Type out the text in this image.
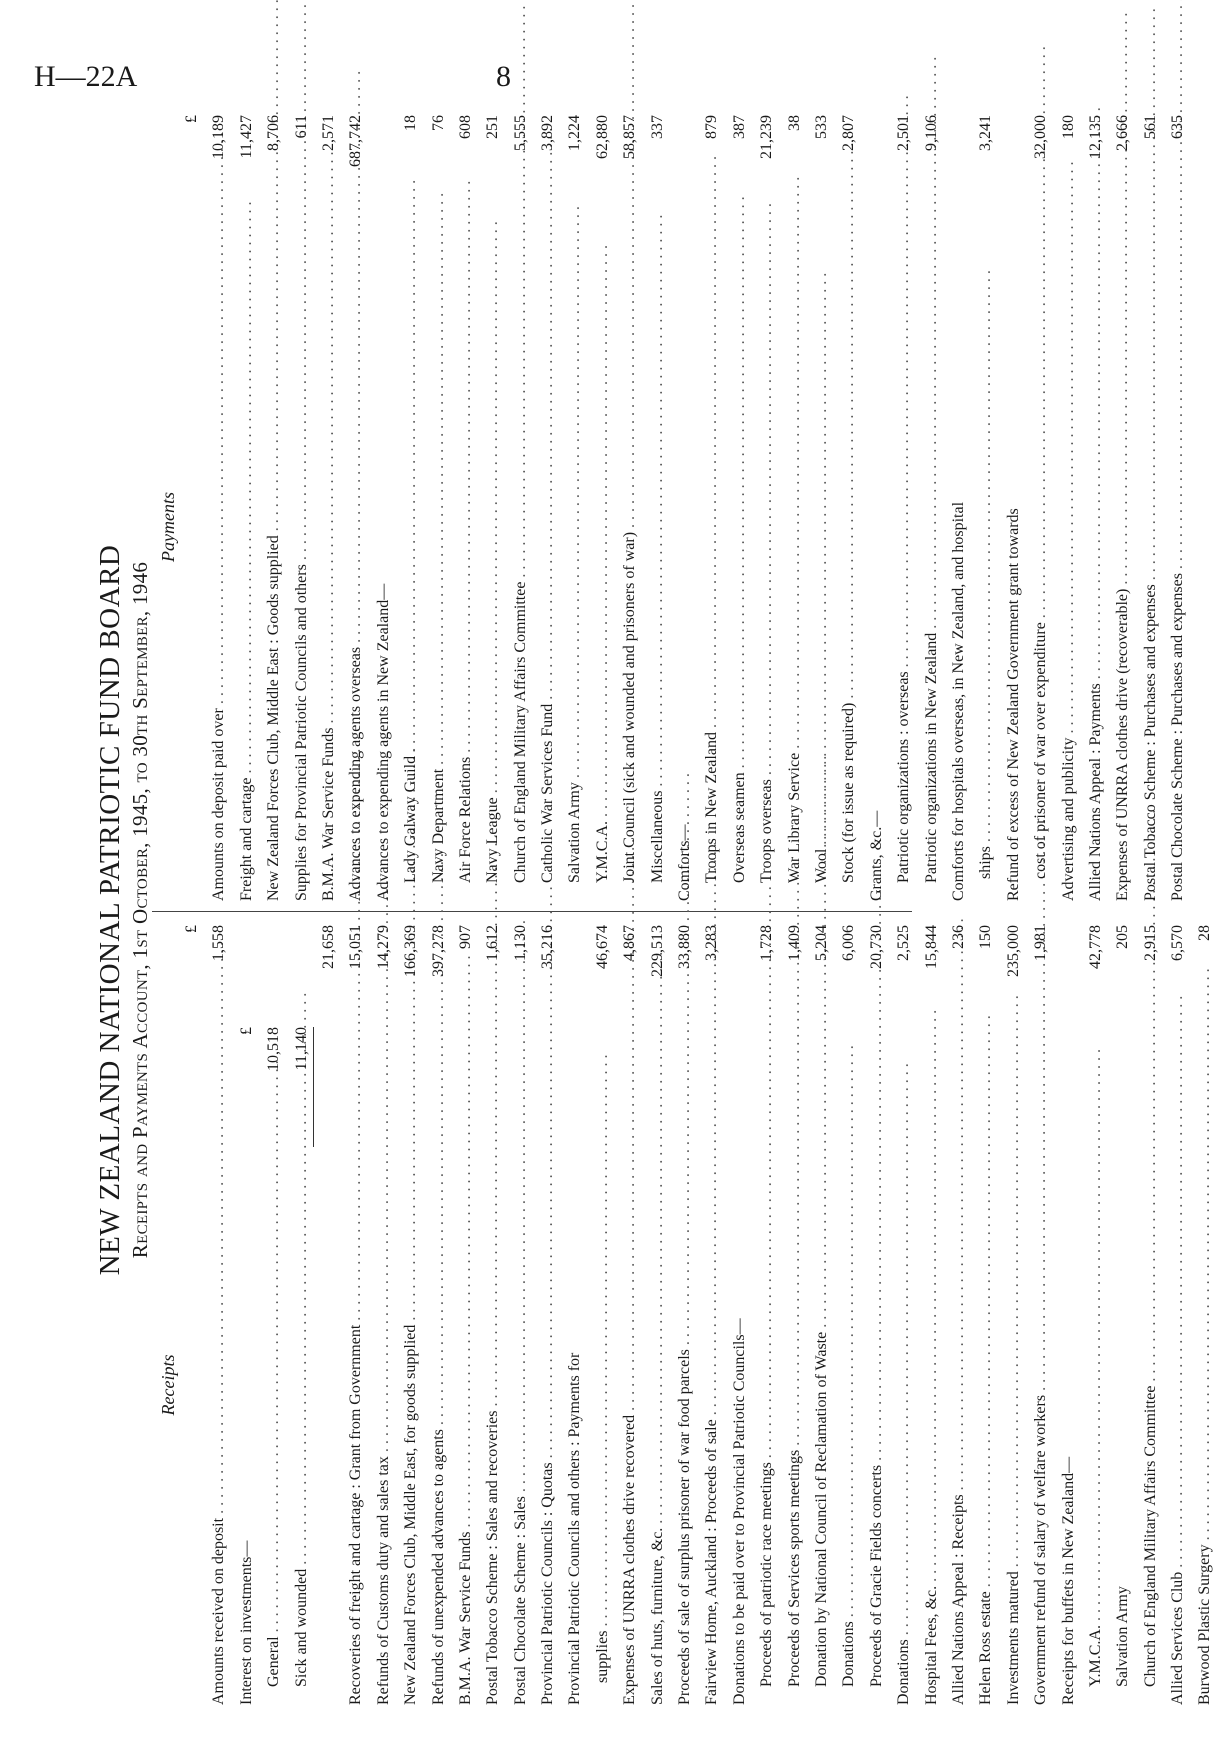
H—22A	8
NEW ZEALAND NATIONAL PATRIOTIC FUND BOARD Receipts and Payments Account, 1st October, 1945, to 30th September, 1946
Receipts
Payments
£
Amounts received on deposit . . .
1,558
Interest on investments—
£
General . . .
10,518
Sick and wounded . . .
11,140
21,658
Recoveries of freight and cartage : Grant from Government . . .
15,051
Refunds of Customs duty and sales tax . . .
14,279
New Zealand Forces Club, Middle East, for goods supplied . . .
166,369
Refunds of unexpended advances to agents . . .
397,278
B.M.A. War Service Funds . . .
907
Postal Tobacco Scheme : Sales and recoveries . . .
1,612
Postal Chocolate Scheme : Sales . . .
1,130
Provincial Patriotic Councils : Quotas . . .
35,216
Provincial Patriotic Councils and others : Payments for supplies . . .
46,674
Expenses of UNRRA clothes drive recovered . . .
4,867
Sales of huts, furniture, &c. . . .
229,513
Proceeds of sale of surplus prisoner of war food parcels . . .
33,880
Fairview Home, Auckland : Proceeds of sale . . .
3,283
Donations to be paid over to Provincial Patriotic Councils— Proceeds of patriotic race meetings . . .
1,728
Proceeds of Services sports meetings . . .
1,409
Donation by National Council of Reclamation of Waste . . .
5,204
Donations . . .
6,006
Proceeds of Gracie Fields concerts . . .
20,730
Donations . . .
2,525
Hospital Fees, &c. . . .
15,844
Allied Nations Appeal : Receipts . . .
236
Helen Ross estate . . .
150
Investments matured . . .
235,000
Government refund of salary of welfare workers . . .
1,981
Receipts for buffets in New Zealand— Y.M.C.A. . . .
42,778
Salvation Army
205
Church of England Military Affairs Committee . . .
2,915
Allied Services Club . . .
6,570
Burwood Plastic Surgery . . .
28
£
Amounts on deposit paid over . . .
10,189
Freight and cartage . . .
11,427
New Zealand Forces Club, Middle East : Goods supplied . . .
8,706
Supplies for Provincial Patriotic Councils and others . . .
611
B.M.A. War Service Funds . . .
2,571
Advances to expending agents overseas . . .
687,742
Advances to expending agents in New Zealand— Lady Galway Guild . . .
18
Navy Department . . .
76
Air Force Relations . . .
608
Navy League . . .
251
Church of England Military Affairs Committee . . .
5,555
Catholic War Services Fund . . .
3,892
Salvation Army . . .
1,224
Y.M.C.A. . . .
62,880
Joint Council (sick and wounded and prisoners of war) . . .
58,857
Miscellaneous . . .
337
Comforts— Troops in New Zealand . . .
879
Overseas seamen . . .
387
Troops overseas . . .
21,239
War Library Service . . .
38
Wool . . .
533
Stock (for issue as required) . . .
2,807
Grants, &c.— Patriotic organizations : overseas . . .
2,501
Patriotic organizations in New Zealand . . .
9,106
Comforts for hospitals overseas, in New Zealand, and hospital ships . . .
3,241
Refund of excess of New Zealand Government grant towards cost of prisoner of war over expenditure . . .
32,000
Advertising and publicity . . .
180
Allied Nations Appeal : Payments . . .
12,135
Expenses of UNRRA clothes drive (recoverable) . . .
2,666
Postal Tobacco Scheme : Purchases and expenses . . .
561
Postal Chocolate Scheme : Purchases and expenses . . .
635
